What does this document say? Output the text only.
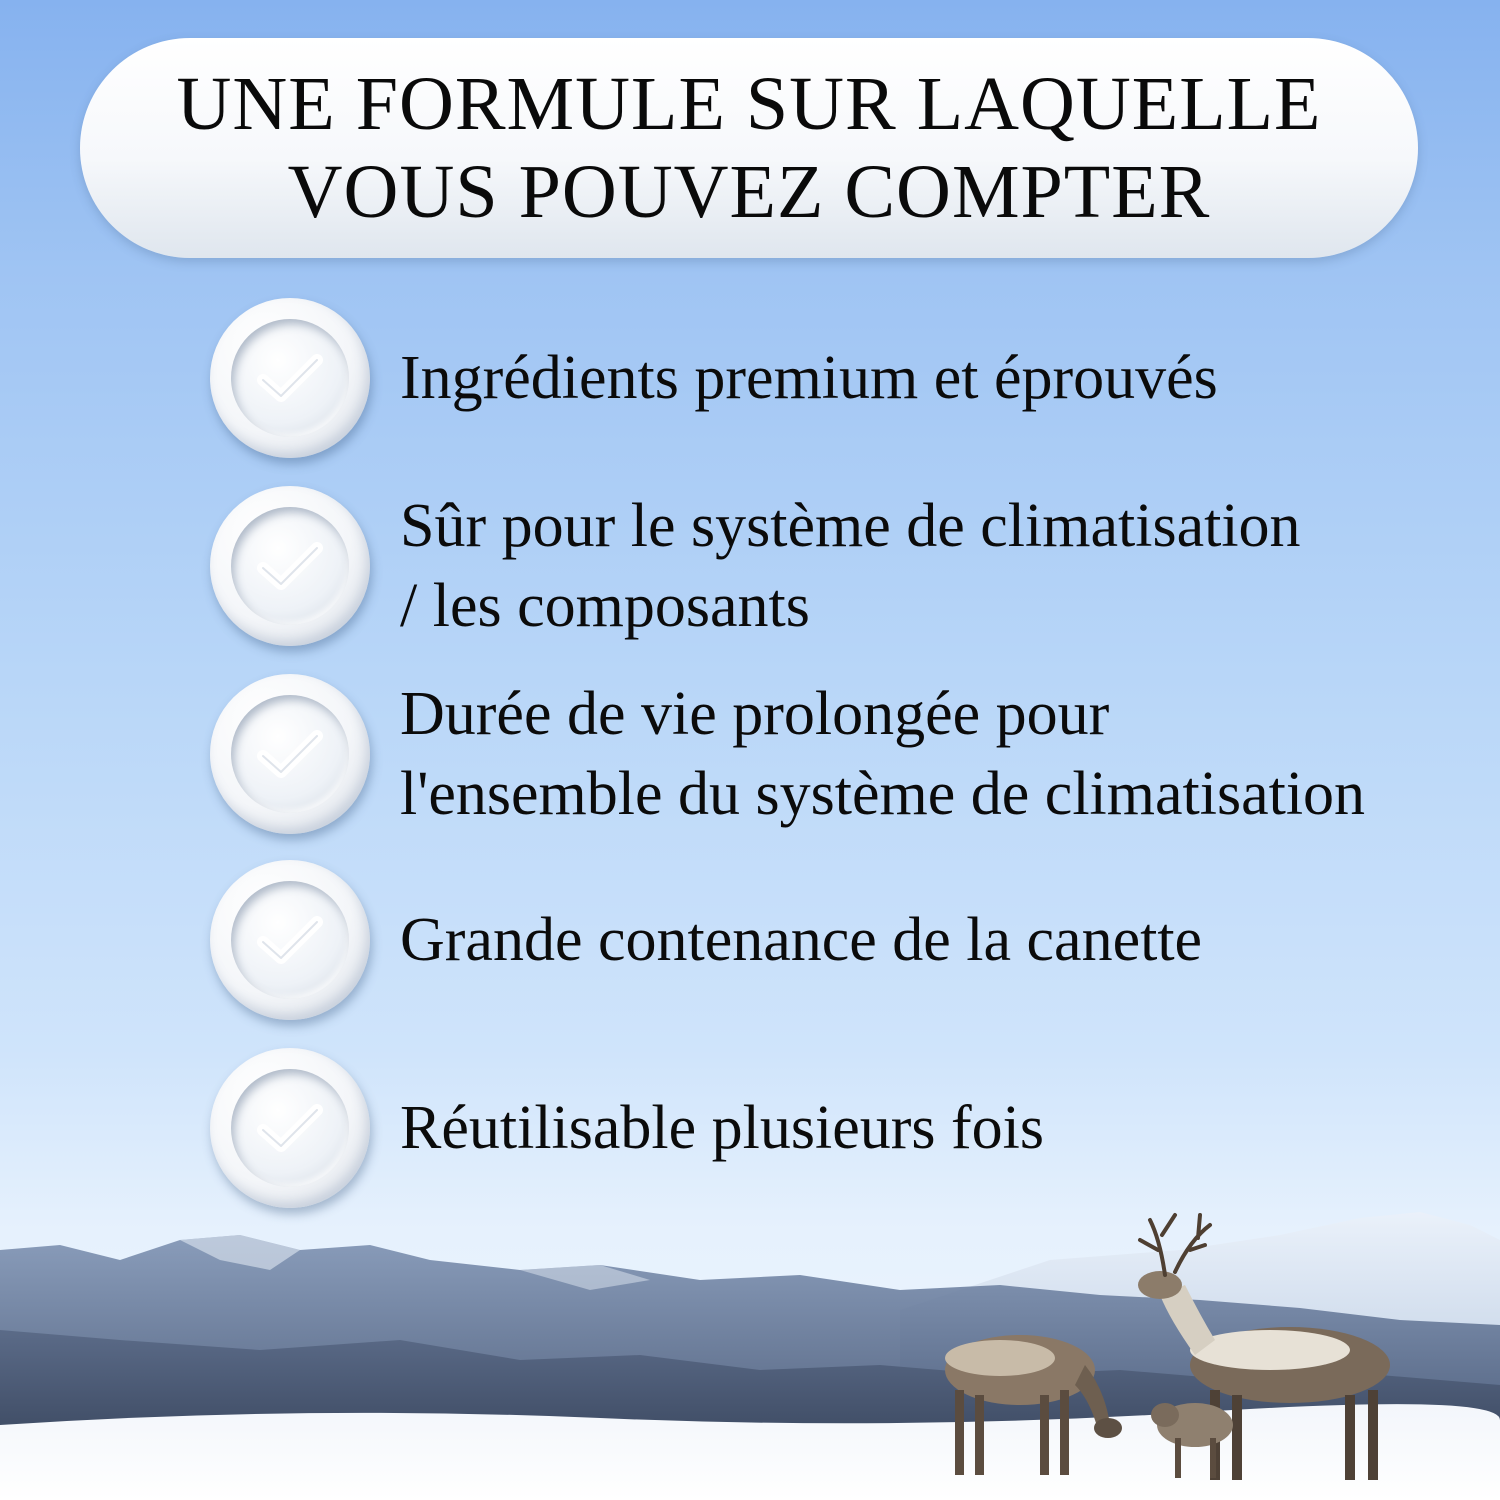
UNE FORMULE SUR LAQUELLE
VOUS POUVEZ COMPTER
Ingrédients premium et éprouvés
Sûr pour le système de climatisation
/ les composants
Durée de vie prolongée pour
l'ensemble du système de climatisation
Grande contenance de la canette
Réutilisable plusieurs fois
